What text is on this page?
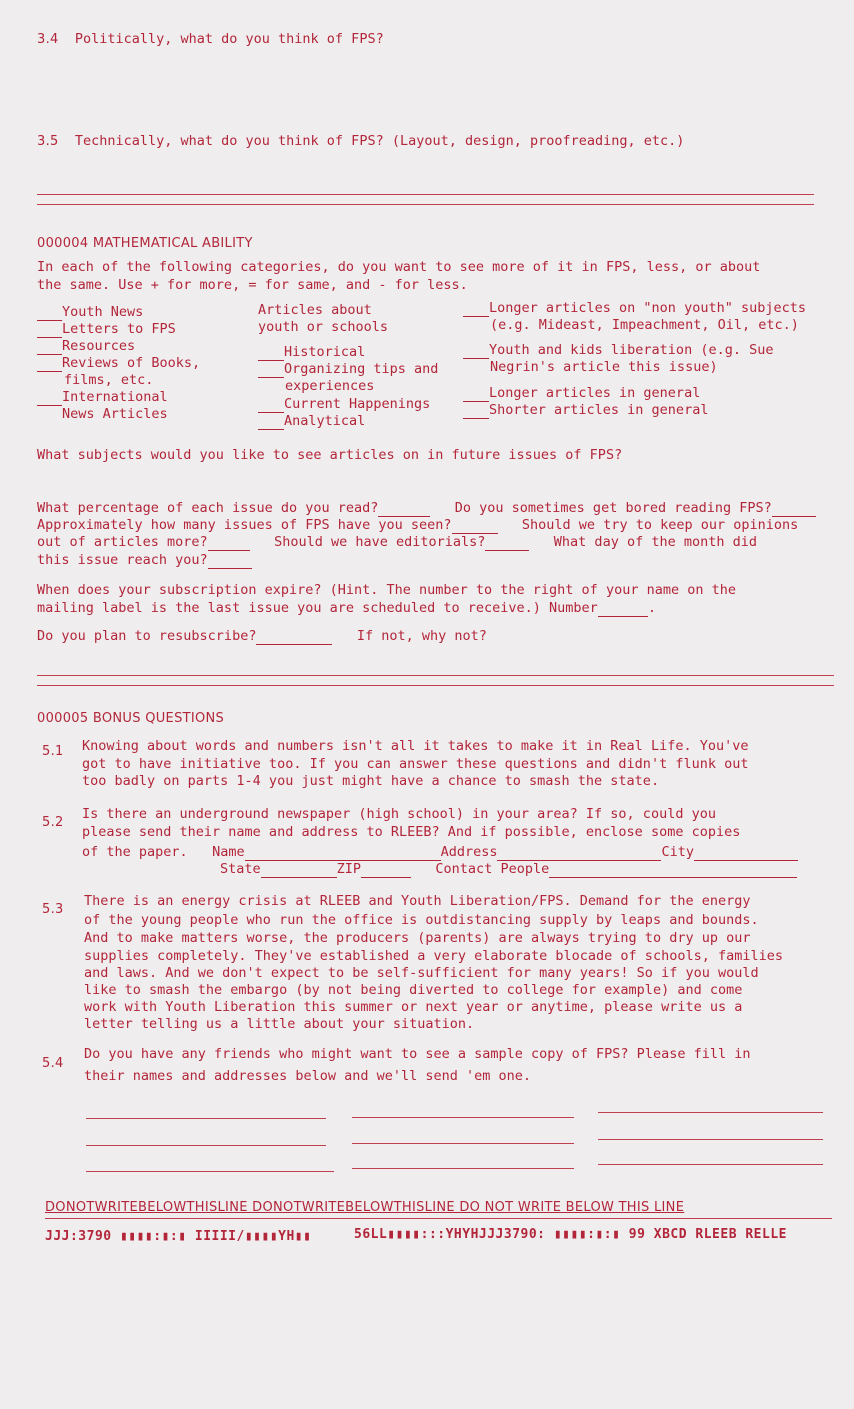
3.4 Politically, what do you think of FPS?
3.5 Technically, what do you think of FPS? (Layout, design, proofreading, etc.)
000004 MATHEMATICAL ABILITY
In each of the following categories, do you want to see more of it in FPS, less, or about
the same. Use + for more, = for same, and - for less.
Youth News
Letters to FPS
Resources
Reviews of Books,
films, etc.
International
News Articles
Articles about
youth or schools
Historical
Organizing tips and
experiences
Current Happenings
Analytical
Longer articles on "non youth" subjects
(e.g. Mideast, Impeachment, Oil, etc.)
Youth and kids liberation (e.g. Sue
Negrin's article this issue)
Longer articles in general
Shorter articles in general
What subjects would you like to see articles on in future issues of FPS?
What percentage of each issue do you read?	Do you sometimes get bored reading FPS?
Approximately how many issues of FPS have you seen?	Should we try to keep our opinions
out of articles more?	Should we have editorials?	What day of the month did
this issue reach you?
When does your subscription expire? (Hint. The number to the right of your name on the
mailing label is the last issue you are scheduled to receive.) Number	.
Do you plan to resubscribe?	If not, why not?
000005 BONUS QUESTIONS
5.1 Knowing about words and numbers isn't all it takes to make it in Real Life. You've
got to have initiative too. If you can answer these questions and didn't flunk out
too badly on parts 1-4 you just might have a chance to smash the state.
5.2
Is there an underground newspaper (high school) in your area? If so, could you
please send their name and address to RLEEB? And if possible, enclose some copies
of the paper. Name	Address	City
State	ZIP	Contact People
5.3
There is an energy crisis at RLEEB and Youth Liberation/FPS. Demand for the energy
of the young people who run the office is outdistancing supply by leaps and bounds.
And to make matters worse, the producers (parents) are always trying to dry up our
supplies completely. They've established a very elaborate blocade of schools, families
and laws. And we don't expect to be self-sufficient for many years! So if you would
like to smash the embargo (by not being diverted to college for example) and come
work with Youth Liberation this summer or next year or anytime, please write us a
letter telling us a little about your situation.
5.4
Do you have any friends who might want to see a sample copy of FPS? Please fill in
their names and addresses below and we'll send 'em one.
DONOTWRITEBELOWTHISLINE DONOTWRITEBELOWTHISLINE DO NOT WRITE BELOW THIS LINE
JJJ:3790 ▮▮▮▮:▮:▮ IIIII/▮▮▮▮YH▮▮	56LL▮▮▮▮:::YHYHJJJ3790: ▮▮▮▮:▮:▮ 99 XBCD RLEEB RELLE
